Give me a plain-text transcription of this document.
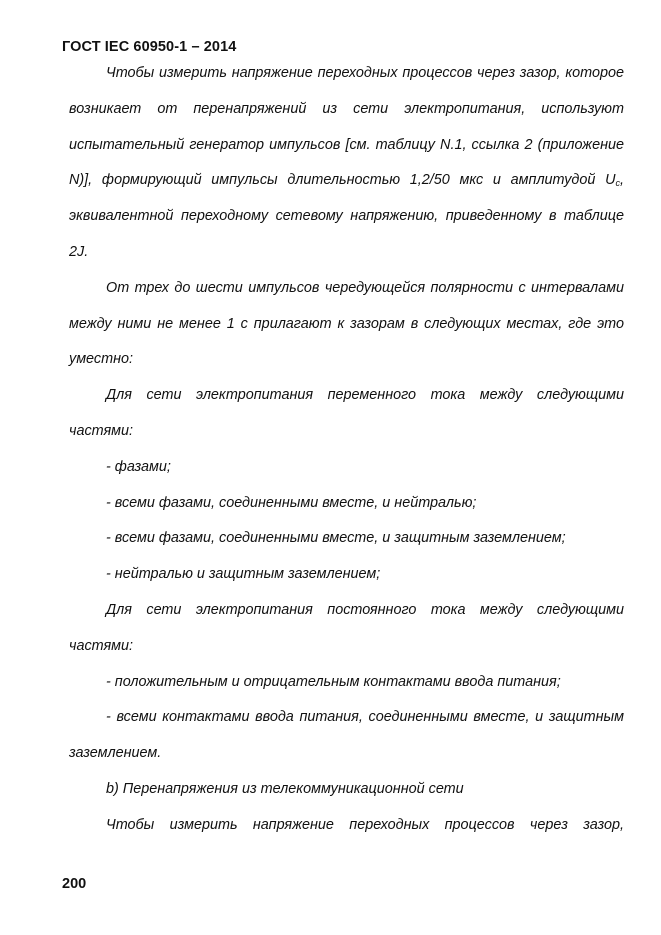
ГОСТ IEC 60950-1 – 2014

Чтобы измерить напряжение переходных процессов через зазор, которое возникает от перенапряжений из сети электропитания, используют испытательный генератор импульсов [см. таблицу N.1, ссылка 2 (приложение N)], формирующий импульсы длительностью 1,2/50 мкс и амплитудой $U_c$, эквивалентной переходному сетевому напряжению, приведенному в таблице 2J.

От трех до шести импульсов чередующейся полярности с интервалами между ними не менее 1 с прилагают к зазорам в следующих местах, где это уместно:

Для сети электропитания переменного тока между следующими частями:

- фазами;

- всеми фазами, соединенными вместе, и нейтралью;

- всеми фазами, соединенными вместе, и защитным заземлением;

- нейтралью и защитным заземлением;

Для сети электропитания постоянного тока между следующими частями:

- положительным и отрицательным контактами ввода питания;

- всеми контактами ввода питания, соединенными вместе, и защитным заземлением.

b) Перенапряжения из телекоммуникационной сети

Чтобы измерить напряжение переходных процессов через зазор,

200
